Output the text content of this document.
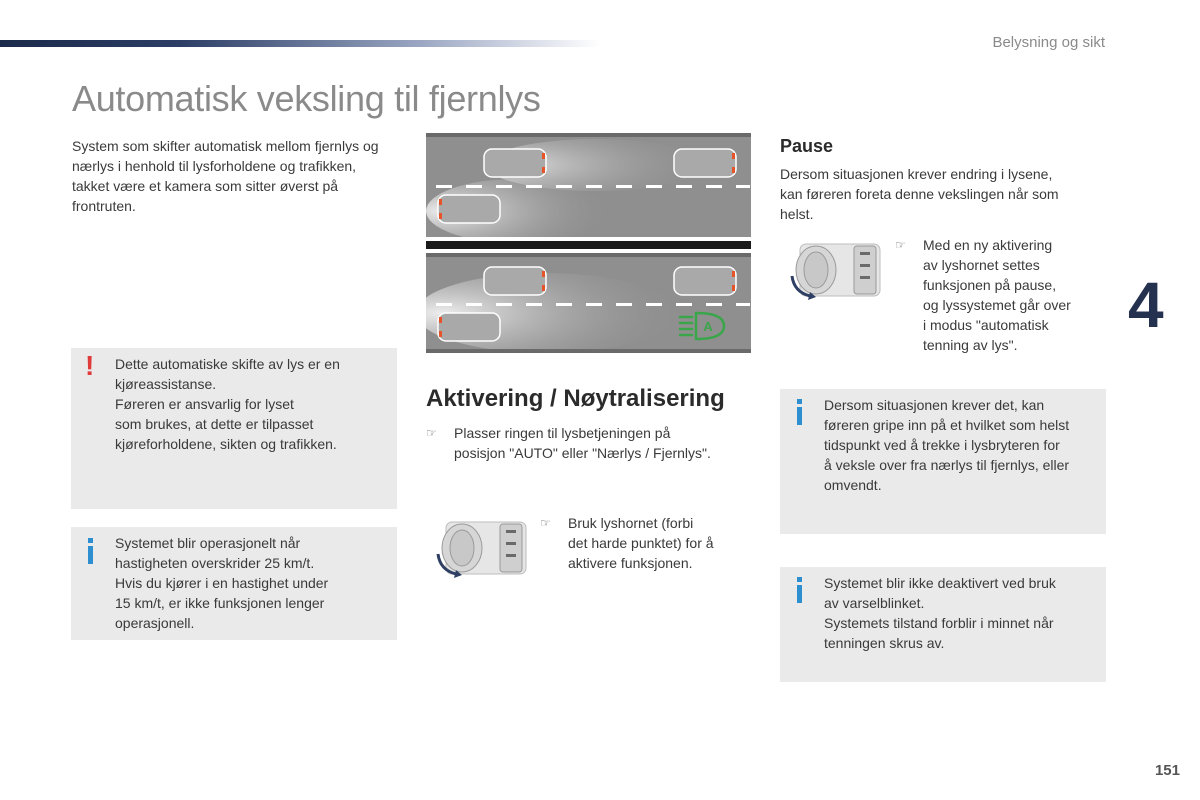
Belysning og sikt
Automatisk veksling til fjernlys
System som skifter automatisk mellom fjernlys og nærlys i henhold til lysforholdene og trafikken, takket være et kamera som sitter øverst på frontruten.
! Dette automatiske skifte av lys er en
kjøreassistanse.
Føreren er ansvarlig for lyset
som brukes, at dette er tilpasset
kjøreforholdene, sikten og trafikken.
Systemet blir operasjonelt når
hastigheten overskrider 25 km/t.
Hvis du kjører i en hastighet under
15 km/t, er ikke funksjonen lenger
operasjonell.
A
Aktivering / Nøytralisering
☞ Plasser ringen til lysbetjeningen på
posisjon "AUTO" eller "Nærlys / Fjernlys".
☞ Bruk lyshornet (forbi
det harde punktet) for å
aktivere funksjonen.
Pause
Dersom situasjonen krever endring i lysene,
kan føreren foreta denne vekslingen når som
helst.
☞ Med en ny aktivering
av lyshornet settes
funksjonen på pause,
og lyssystemet går over
i modus "automatisk
tenning av lys".
4
Dersom situasjonen krever det, kan
føreren gripe inn på et hvilket som helst
tidspunkt ved å trekke i lysbryteren for
å veksle over fra nærlys til fjernlys, eller
omvendt.
Systemet blir ikke deaktivert ved bruk
av varselblinket.
Systemets tilstand forblir i minnet når
tenningen skrus av.
151
